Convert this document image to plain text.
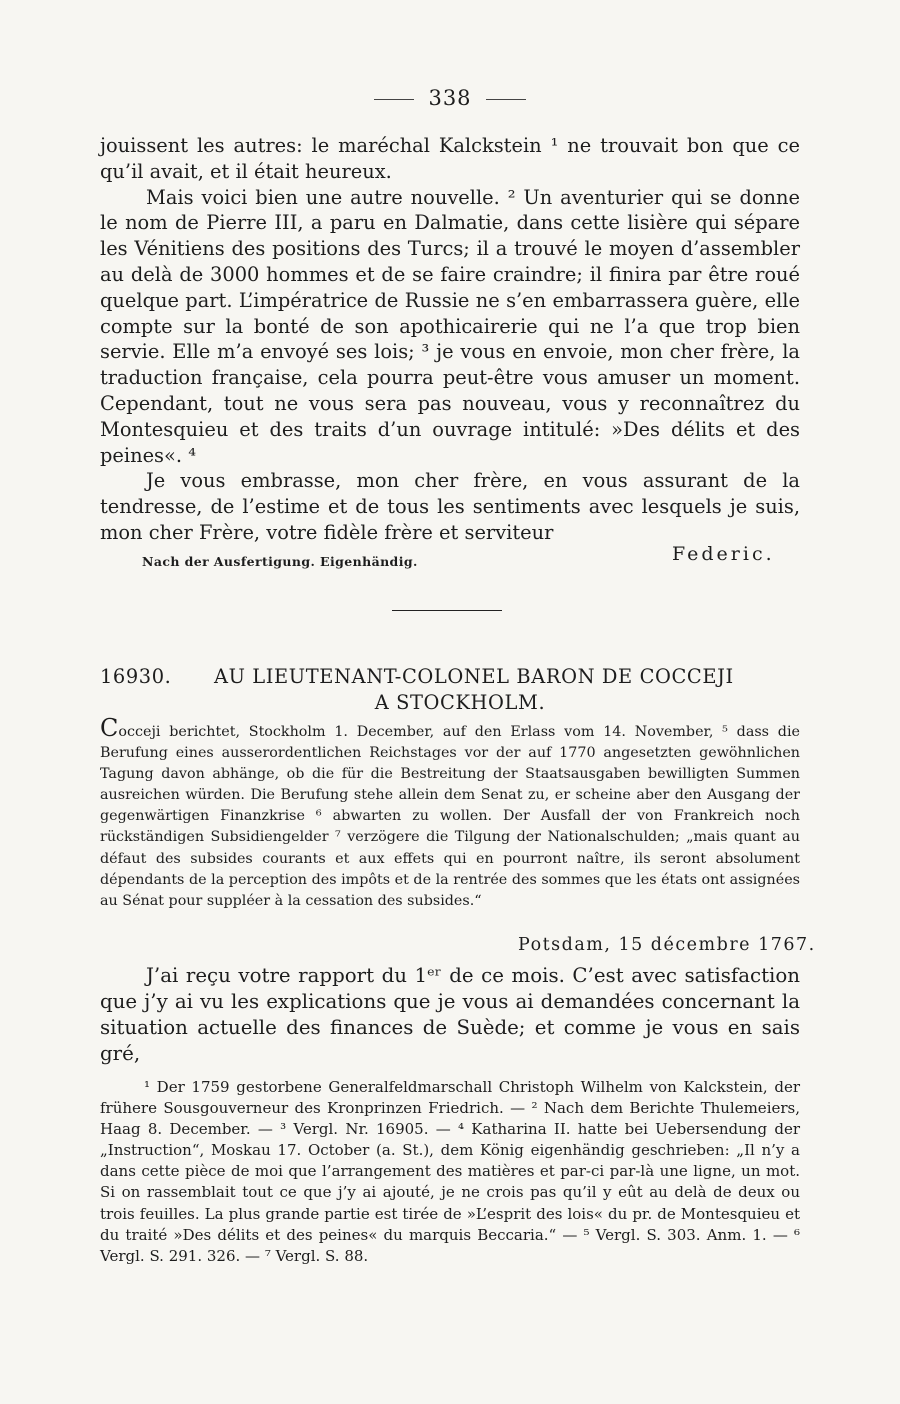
338

jouissent les autres: le maréchal Kalckstein ¹ ne trouvait bon que ce qu’il avait, et il était heureux.

Mais voici bien une autre nouvelle. ² Un aventurier qui se donne le nom de Pierre III, a paru en Dalmatie, dans cette lisière qui sépare les Vénitiens des positions des Turcs; il a trouvé le moyen d’assembler au delà de 3000 hommes et de se faire craindre; il finira par être roué quelque part. L’impératrice de Russie ne s’en embarrassera guère, elle compte sur la bonté de son apothicairerie qui ne l’a que trop bien servie. Elle m’a envoyé ses lois; ³ je vous en envoie, mon cher frère, la traduction française, cela pourra peut-être vous amuser un moment. Cependant, tout ne vous sera pas nouveau, vous y reconnaîtrez du Montesquieu et des traits d’un ouvrage intitulé: »Des délits et des peines«. ⁴

Je vous embrasse, mon cher frère, en vous assurant de la tendresse, de l’estime et de tous les sentiments avec lesquels je suis, mon cher Frère, votre fidèle frère et serviteur

Nach der Ausfertigung. Eigenhändig.	Federic.
16930.	AU LIEUTENANT-COLONEL BARON DE COCCEJI
A STOCKHOLM.
Cocceji berichtet, Stockholm 1. December, auf den Erlass vom 14. November, ⁵ dass die Berufung eines ausserordentlichen Reichstages vor der auf 1770 angesetzten gewöhnlichen Tagung davon abhänge, ob die für die Bestreitung der Staatsausgaben bewilligten Summen ausreichen würden. Die Berufung stehe allein dem Senat zu, er scheine aber den Ausgang der gegenwärtigen Finanzkrise ⁶ abwarten zu wollen. Der Ausfall der von Frankreich noch rückständigen Subsidiengelder ⁷ verzögere die Tilgung der Nationalschulden; „mais quant au défaut des subsides courants et aux effets qui en pourront naître, ils seront absolument dépendants de la perception des impôts et de la rentrée des sommes que les états ont assignées au Sénat pour suppléer à la cessation des subsides.“
Potsdam, 15 décembre 1767.

J’ai reçu votre rapport du 1ᵉʳ de ce mois. C’est avec satisfaction que j’y ai vu les explications que je vous ai demandées concernant la situation actuelle des finances de Suède; et comme je vous en sais gré,

¹ Der 1759 gestorbene Generalfeldmarschall Christoph Wilhelm von Kalckstein, der frühere Sousgouverneur des Kronprinzen Friedrich. — ² Nach dem Berichte Thulemeiers, Haag 8. December. — ³ Vergl. Nr. 16905. — ⁴ Katharina II. hatte bei Uebersendung der „Instruction“, Moskau 17. October (a. St.), dem König eigenhändig geschrieben: „Il n’y a dans cette pièce de moi que l’arrangement des matières et par-ci par-là une ligne, un mot. Si on rassemblait tout ce que j’y ai ajouté, je ne crois pas qu’il y eût au delà de deux ou trois feuilles. La plus grande partie est tirée de »L’esprit des lois« du pr. de Montesquieu et du traité »Des délits et des peines« du marquis Beccaria.“ — ⁵ Vergl. S. 303. Anm. 1. — ⁶ Vergl. S. 291. 326. — ⁷ Vergl. S. 88.
